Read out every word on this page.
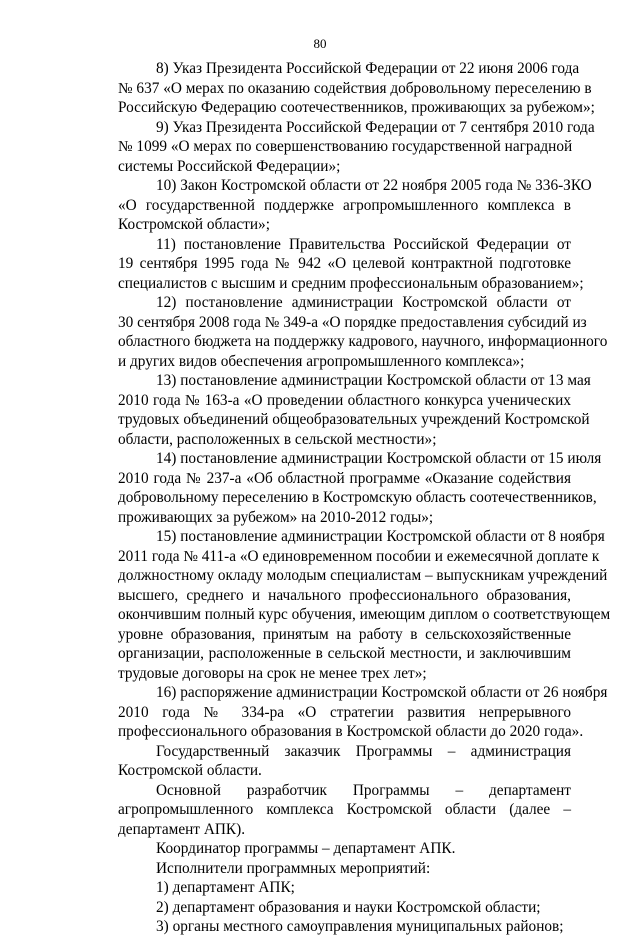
80
8) Указ Президента Российской Федерации от 22 июня 2006 года
№ 637 «О мерах по оказанию содействия добровольному переселению в
Российскую Федерацию соотечественников, проживающих за рубежом»;
9) Указ Президента Российской Федерации от 7 сентября 2010 года
№ 1099 «О мерах по совершенствованию государственной наградной
системы Российской Федерации»;
10) Закон Костромской области от 22 ноября 2005 года № 336-ЗКО
«О государственной поддержке агропромышленного комплекса в
Костромской области»;
11) постановление Правительства Российской Федерации от
19 сентября 1995 года № 942 «О целевой контрактной подготовке
специалистов с высшим и средним профессиональным образованием»;
12) постановление администрации Костромской области от
30 сентября 2008 года № 349-а «О порядке предоставления субсидий из
областного бюджета на поддержку кадрового, научного, информационного
и других видов обеспечения агропромышленного комплекса»;
13) постановление администрации Костромской области от 13 мая
2010 года № 163-а «О проведении областного конкурса ученических
трудовых объединений общеобразовательных учреждений Костромской
области, расположенных в сельской местности»;
14) постановление администрации Костромской области от 15 июля
2010 года № 237-а «Об областной программе «Оказание содействия
добровольному переселению в Костромскую область соотечественников,
проживающих за рубежом» на 2010-2012 годы»;
15) постановление администрации Костромской области от 8 ноября
2011 года № 411-а «О единовременном пособии и ежемесячной доплате к
должностному окладу молодым специалистам – выпускникам учреждений
высшего, среднего и начального профессионального образования,
окончившим полный курс обучения, имеющим диплом о соответствующем
уровне образования, принятым на работу в сельскохозяйственные
организации, расположенные в сельской местности, и заключившим
трудовые договоры на срок не менее трех лет»;
16) распоряжение администрации Костромской области от 26 ноября
2010 года № 334-ра «О стратегии развития непрерывного
профессионального образования в Костромской области до 2020 года».
Государственный заказчик Программы – администрация
Костромской области.
Основной разработчик Программы – департамент
агропромышленного комплекса Костромской области (далее –
департамент АПК).
Координатор программы – департамент АПК.
Исполнители программных мероприятий:
1) департамент АПК;
2) департамент образования и науки Костромской области;
3) органы местного самоуправления муниципальных районов;
